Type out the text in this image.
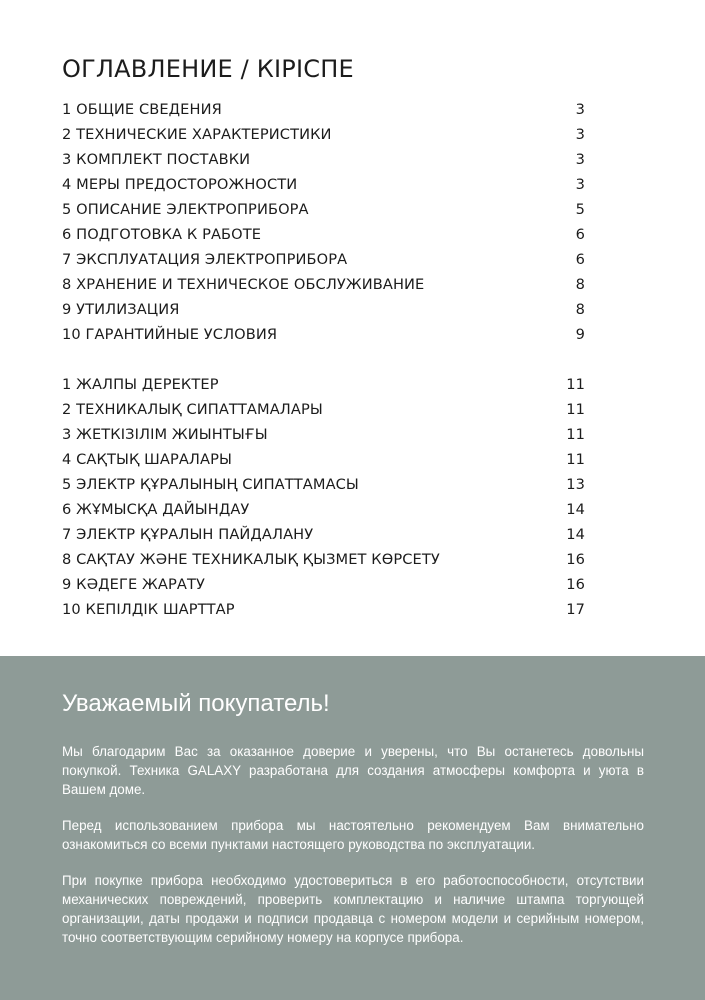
ОГЛАВЛЕНИЕ / КІРІСПЕ
1 ОБЩИЕ СВЕДЕНИЯ	3
2 ТЕХНИЧЕСКИЕ ХАРАКТЕРИСТИКИ	3
3 КОМПЛЕКТ ПОСТАВКИ	3
4 МЕРЫ ПРЕДОСТОРОЖНОСТИ	3
5 ОПИСАНИЕ ЭЛЕКТРОПРИБОРА	5
6 ПОДГОТОВКА К РАБОТЕ	6
7 ЭКСПЛУАТАЦИЯ ЭЛЕКТРОПРИБОРА	6
8 ХРАНЕНИЕ И ТЕХНИЧЕСКОЕ ОБСЛУЖИВАНИЕ	8
9 УТИЛИЗАЦИЯ	8
10 ГАРАНТИЙНЫЕ УСЛОВИЯ	9
1 ЖАЛПЫ ДЕРЕКТЕР	11
2 ТЕХНИКАЛЫҚ СИПАТТАМАЛАРЫ	11
3 ЖЕТКІЗІЛІМ ЖИЫНТЫҒЫ	11
4 САҚТЫҚ ШАРАЛАРЫ	11
5 ЭЛЕКТР ҚҰРАЛЫНЫҢ СИПАТТАМАСЫ	13
6 ЖҰМЫСҚА ДАЙЫНДАУ	14
7 ЭЛЕКТР ҚҰРАЛЫН ПАЙДАЛАНУ	14
8 САҚТАУ ЖӘНЕ ТЕХНИКАЛЫҚ ҚЫЗМЕТ КӨРСЕТУ	16
9 КӘДЕГЕ ЖАРАТУ	16
10 КЕПІЛДІК ШАРТТАР	17
Уважаемый покупатель!

Мы благодарим Вас за оказанное доверие и уверены, что Вы останетесь довольны покупкой. Техника GALAXY разработана для создания атмосферы комфорта и уюта в Вашем доме.

Перед использованием прибора мы настоятельно рекомендуем Вам внимательно ознакомиться со всеми пунктами настоящего руководства по эксплуатации.

При покупке прибора необходимо удостовериться в его работоспособности, отсутствии механических повреждений, проверить комплектацию и наличие штампа торгующей организации, даты продажи и подписи продавца с номером модели и серийным номером, точно соответствующим серийному номеру на корпусе прибора.
